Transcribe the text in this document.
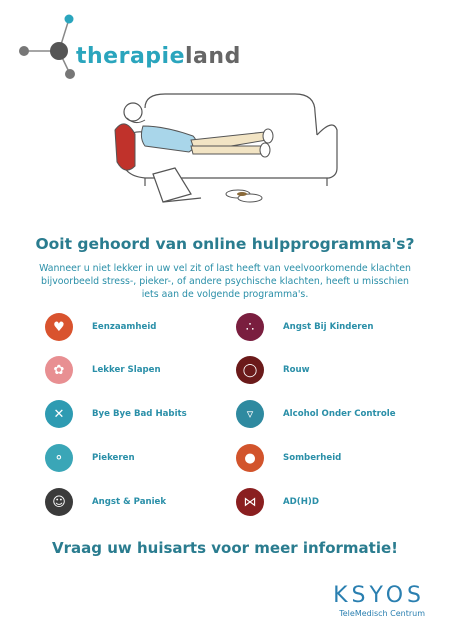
therapieland
Ooit gehoord van online hulpprogramma's?
Wanneer u niet lekker in uw vel zit of last heeft van veelvoorkomende klachten bijvoorbeeld stress-, pieker-, of andere psychische klachten, heeft u misschien iets aan de volgende programma's.
♥	Eenzaamheid
✿	Lekker Slapen
✕	Bye Bye Bad Habits
⚬	Piekeren
☺	Angst & Paniek
∴	Angst Bij Kinderen
◯	Rouw
▿	Alcohol Onder Controle
●	Somberheid
⋈	AD(H)D
Vraag uw huisarts voor meer informatie!
KSYOS
TeleMedisch Centrum
